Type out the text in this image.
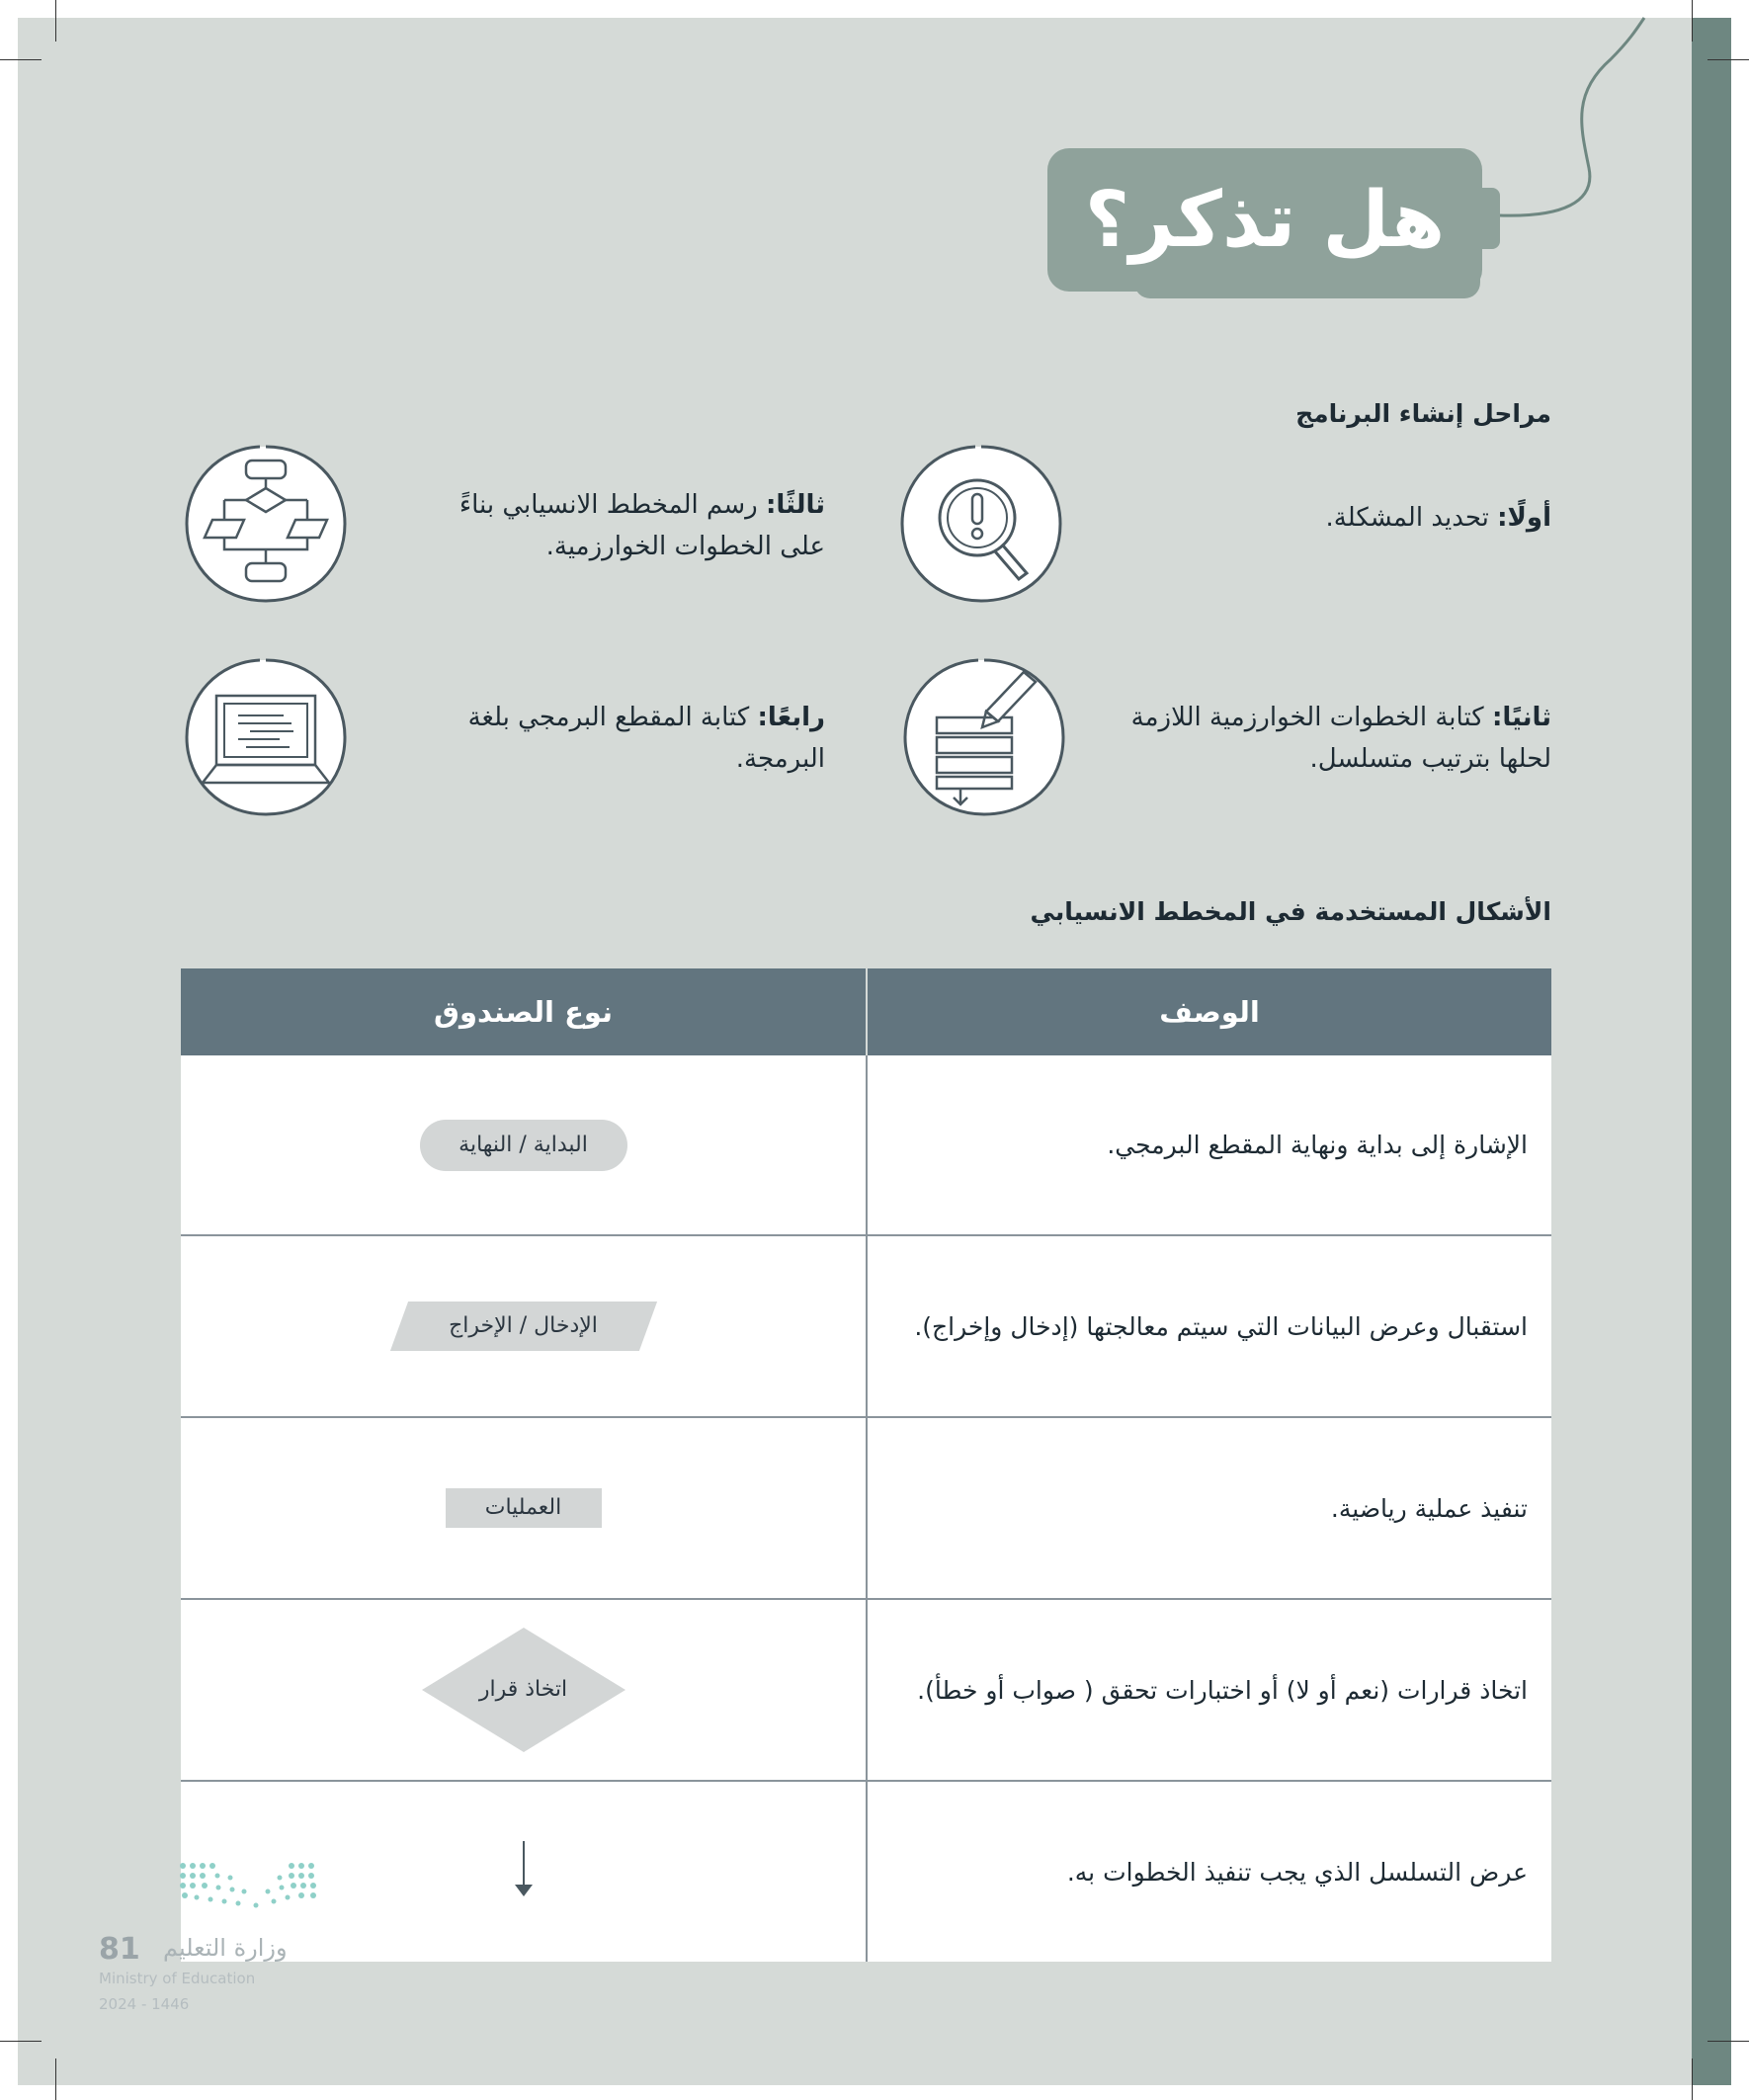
هل تذكر؟
مراحل إنشاء البرنامج
أولًا: تحديد المشكلة.
ثالثًا: رسم المخطط الانسيابي بناءً على الخطوات الخوارزمية.
ثانيًا: كتابة الخطوات الخوارزمية اللازمة لحلها بترتيب متسلسل.
رابعًا: كتابة المقطع البرمجي بلغة البرمجة.
الأشكال المستخدمة في المخطط الانسيابي
الوصف	نوع الصندوق
الإشارة إلى بداية ونهاية المقطع البرمجي.	البداية / النهاية
استقبال وعرض البيانات التي سيتم معالجتها (إدخال وإخراج).	الإدخال / الإخراج
تنفيذ عملية رياضية.	العمليات
اتخاذ قرارات (نعم أو لا) أو اختبارات تحقق ( صواب أو خطأ).	اتخاذ قرار
عرض التسلسل الذي يجب تنفيذ الخطوات به.	
81 وزارة التعليم
Ministry of Education
2024 - 1446
